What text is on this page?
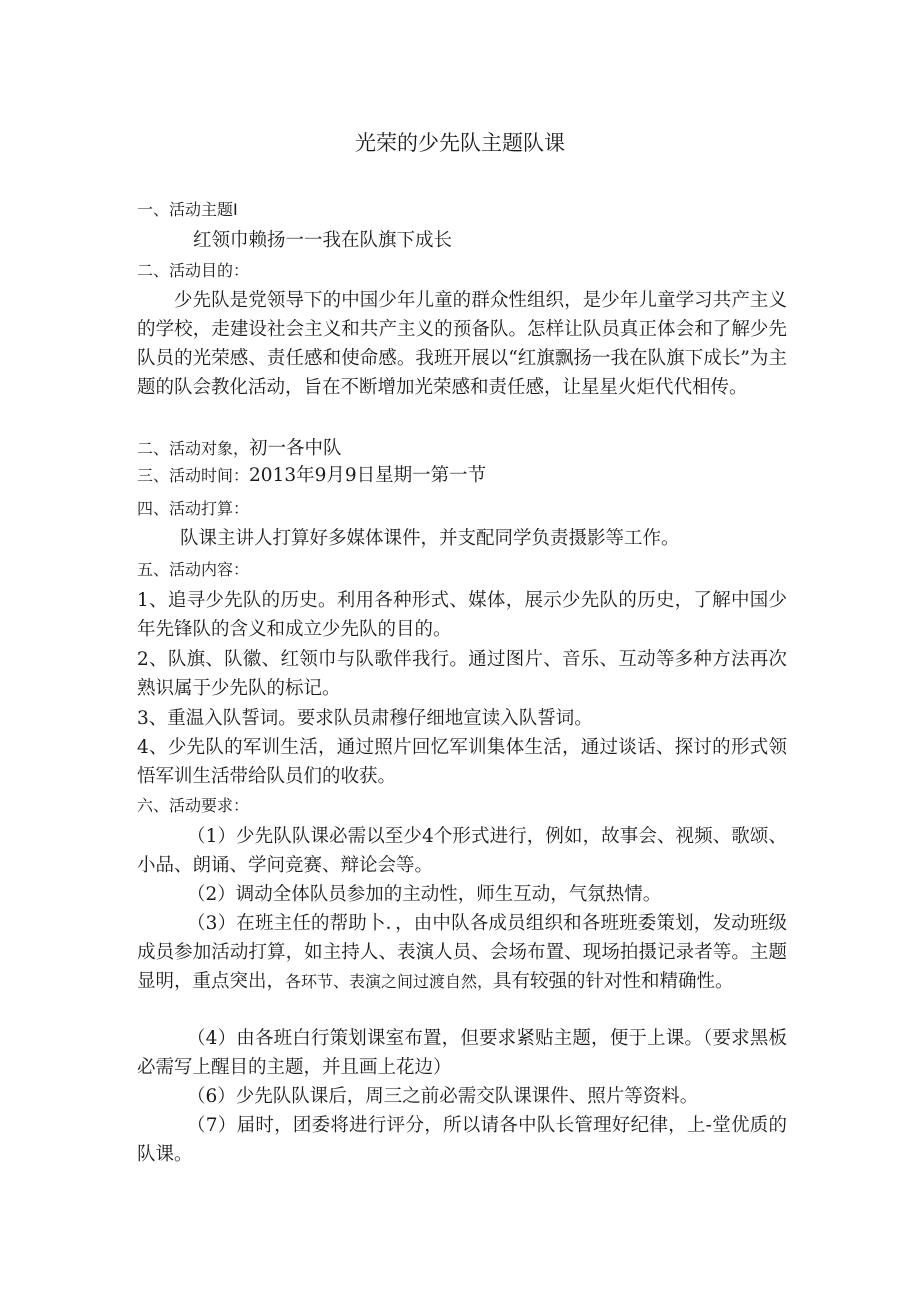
光荣的少先队主题队课
一、活动主题I
红领巾赖扬一一我在队旗下成长
二、活动目的：
少先队是党领导下的中国少年儿童的群众性组织，是少年儿童学习共产主义的学校，走建设社会主义和共产主义的预备队。怎样让队员真正体会和了解少先队员的光荣感、责任感和使命感。我班开展以“红旗飘扬一我在队旗下成长”为主题的队会教化活动，旨在不断增加光荣感和责任感，让星星火炬代代相传。
二、活动对象，初一各中队
三、活动时间：2013年9月9日星期一第一节
四、活动打算：
队课主讲人打算好多媒体课件，并支配同学负责摄影等工作。
五、活动内容：
1、追寻少先队的历史。利用各种形式、媒体，展示少先队的历史，了解中国少年先锋队的含义和成立少先队的目的。
2、队旗、队徽、红领巾与队歌伴我行。通过图片、音乐、互动等多种方法再次熟识属于少先队的标记。
3、重温入队誓词。要求队员肃穆仔细地宣读入队誓词。
4、少先队的军训生活，通过照片回忆军训集体生活，通过谈话、探讨的形式领悟军训生活带给队员们的收获。
六、活动要求：
（1）少先队队课必需以至少4个形式进行，例如，故事会、视频、歌颂、小品、朗诵、学问竞赛、辩论会等。
（2）调动全体队员参加的主动性，师生互动，气氛热情。
（3）在班主任的帮助卜．，由中队各成员组织和各班班委策划，发动班级成员参加活动打算，如主持人、表演人员、会场布置、现场拍摄记录者等。主题显明，重点突出，各环节、表演之间过渡自然，具有较强的针对性和精确性。
（4）由各班白行策划课室布置，但要求紧贴主题，便于上课。（要求黑板必需写上醒目的主题，并且画上花边）
（6）少先队队课后，周三之前必需交队课课件、照片等资料。
（7）届时，团委将进行评分，所以请各中队长管理好纪律，上-堂优质的队课。
